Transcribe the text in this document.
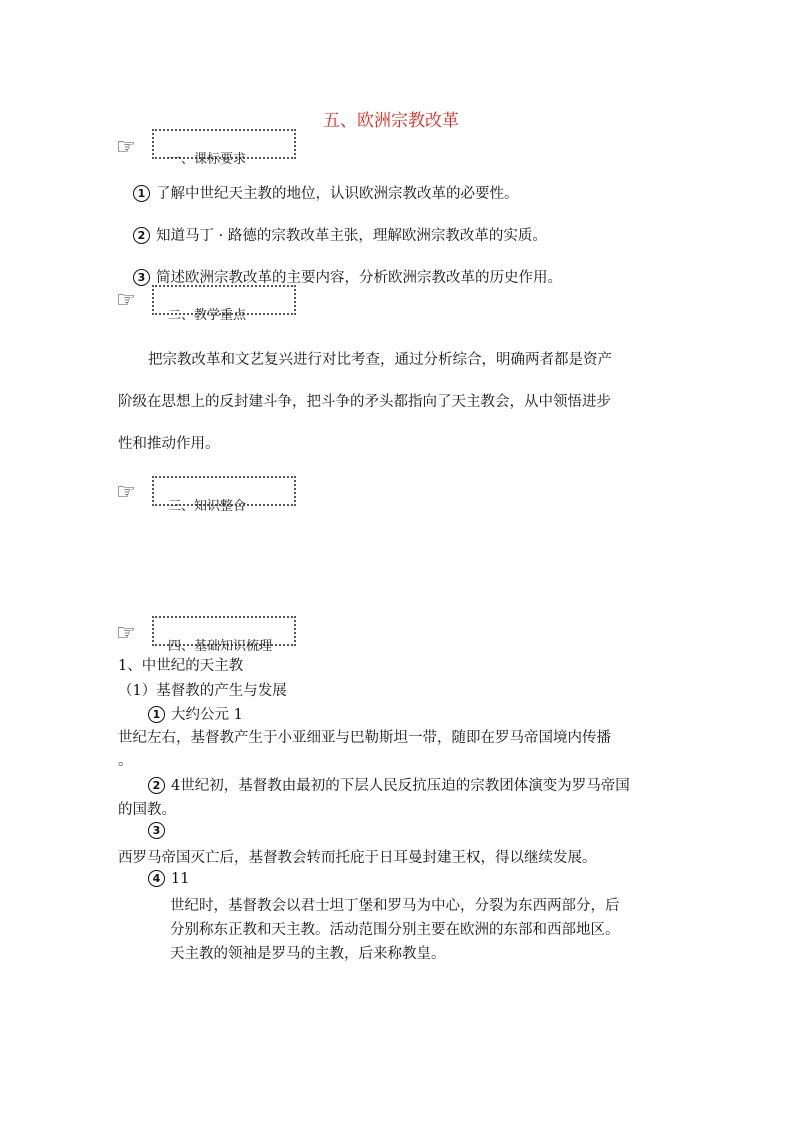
五、欧洲宗教改革
☞ 一、课标要求
1 了解中世纪天主教的地位，认识欧洲宗教改革的必要性。
2 知道马丁 · 路德的宗教改革主张，理解欧洲宗教改革的实质。
3 简述欧洲宗教改革的主要内容，分析欧洲宗教改革的历史作用。
☞
二、教学重点
把宗教改革和文艺复兴进行对比考查，通过分析综合，明确两者都是资产
阶级在思想上的反封建斗争，把斗争的矛头都指向了天主教会，从中领悟进步
性和推动作用。
☞
三、知识整合
☞
四、基础知识梳理
1、中世纪的天主教
（1）基督教的产生与发展
1 大约公元 1
世纪左右，基督教产生于小亚细亚与巴勒斯坦一带，随即在罗马帝国境内传播
。
2 4世纪初，基督教由最初的下层人民反抗压迫的宗教团体演变为罗马帝国
的国教。
3
西罗马帝国灭亡后，基督教会转而托庇于日耳曼封建王权，得以继续发展。
4 11
世纪时，基督教会以君士坦丁堡和罗马为中心，分裂为东西两部分，后
分别称东正教和天主教。活动范围分别主要在欧洲的东部和西部地区。
天主教的领袖是罗马的主教，后来称教皇。
